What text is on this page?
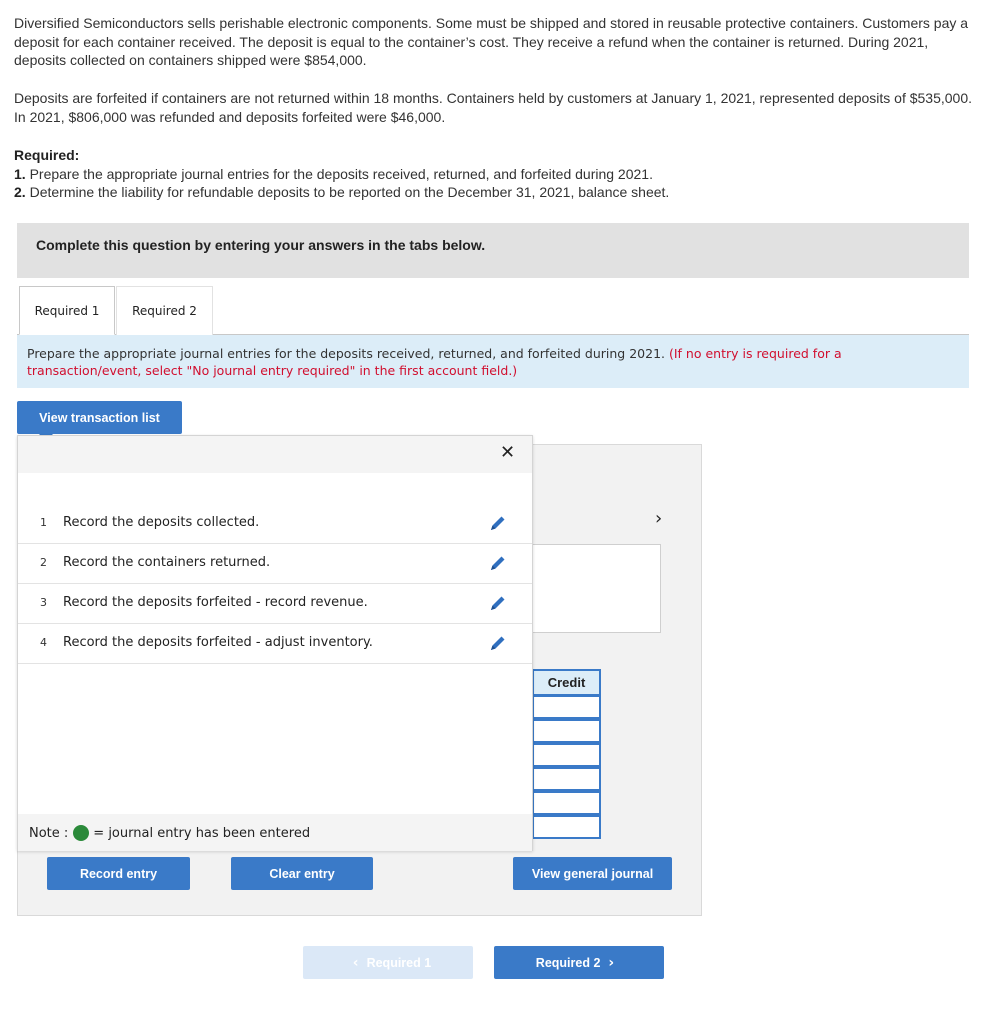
Diversified Semiconductors sells perishable electronic components. Some must be shipped and stored in reusable protective containers. Customers pay a deposit for each container received. The deposit is equal to the container’s cost. They receive a refund when the container is returned. During 2021, deposits collected on containers shipped were $854,000.

Deposits are forfeited if containers are not returned within 18 months. Containers held by customers at January 1, 2021, represented deposits of $535,000. In 2021, $806,000 was refunded and deposits forfeited were $46,000.

Required:
1. Prepare the appropriate journal entries for the deposits received, returned, and forfeited during 2021.
2. Determine the liability for refundable deposits to be reported on the December 31, 2021, balance sheet.
Complete this question by entering your answers in the tabs below.
Required 1	Required 2
Prepare the appropriate journal entries for the deposits received, returned, and forfeited during 2021. (If no entry is required for a transaction/event, select "No journal entry required" in the first account field.)
View transaction list
›
Credit
✕
1 Record the deposits collected.
2 Record the containers returned.
3 Record the deposits forfeited - record revenue.
4 Record the deposits forfeited - adjust inventory.
Note : = journal entry has been entered
Record entry	Clear entry	View general journal
‹ Required 1	Required 2 ›
